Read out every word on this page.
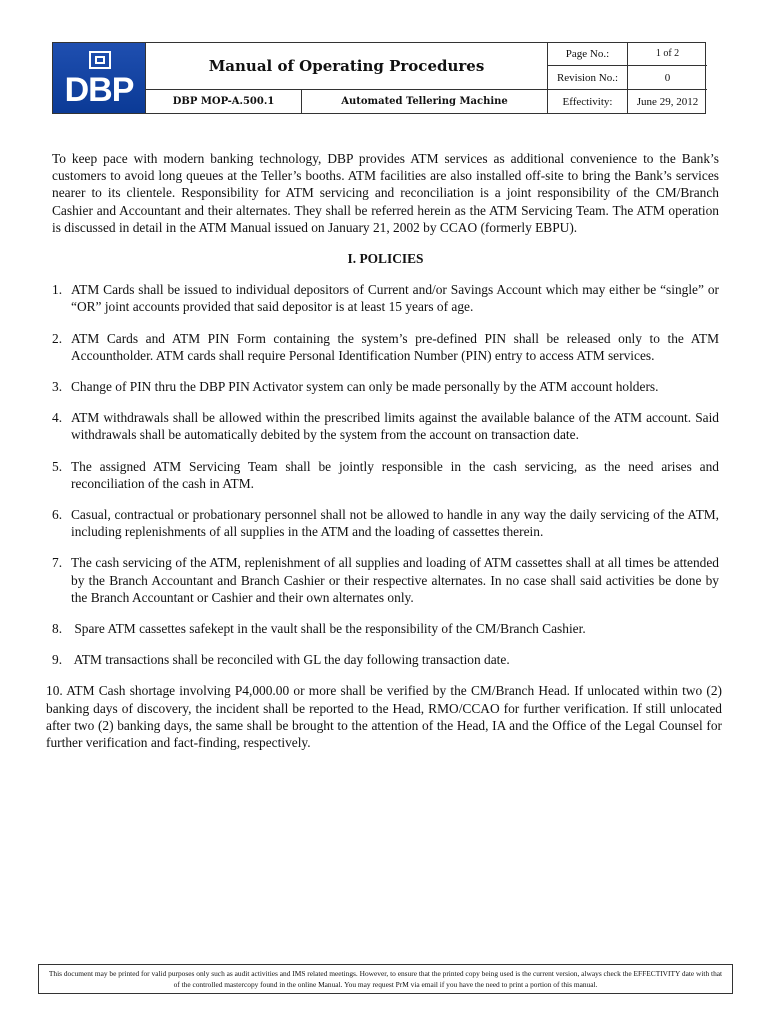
DBP
Manual of Operating Procedures
DBP MOP-A.500.1	Automated Tellering Machine
Page No.:	1 of 2
Revision No.:	0
Effectivity:	June 29, 2012

To keep pace with modern banking technology, DBP provides ATM services as additional convenience to the Bank’s customers to avoid long queues at the Teller’s booths. ATM facilities are also installed off-site to bring the Bank’s services nearer to its clientele. Responsibility for ATM servicing and reconciliation is a joint responsibility of the CM/Branch Cashier and Accountant and their alternates. They shall be referred herein as the ATM Servicing Team. The ATM operation is discussed in detail in the ATM Manual issued on January 21, 2002 by CCAO (formerly EBPU).

I. POLICIES
1. ATM Cards shall be issued to individual depositors of Current and/or Savings Account which may either be “single” or “OR” joint accounts provided that said depositor is at least 15 years of age.
2. ATM Cards and ATM PIN Form containing the system’s pre-defined PIN shall be released only to the ATM Accountholder. ATM cards shall require Personal Identification Number (PIN) entry to access ATM services.
3. Change of PIN thru the DBP PIN Activator system can only be made personally by the ATM account holders.
4. ATM withdrawals shall be allowed within the prescribed limits against the available balance of the ATM account. Said withdrawals shall be automatically debited by the system from the account on transaction date.
5. The assigned ATM Servicing Team shall be jointly responsible in the cash servicing, as the need arises and reconciliation of the cash in ATM.
6. Casual, contractual or probationary personnel shall not be allowed to handle in any way the daily servicing of the ATM, including replenishments of all supplies in the ATM and the loading of cassettes therein.
7. The cash servicing of the ATM, replenishment of all supplies and loading of ATM cassettes shall at all times be attended by the Branch Accountant and Branch Cashier or their respective alternates. In no case shall said activities be done by the Branch Accountant or Cashier and their own alternates only.
8. Spare ATM cassettes safekept in the vault shall be the responsibility of the CM/Branch Cashier.
9. ATM transactions shall be reconciled with GL the day following transaction date.
10. ATM Cash shortage involving P4,000.00 or more shall be verified by the CM/Branch Head. If unlocated within two (2) banking days of discovery, the incident shall be reported to the Head, RMO/CCAO for further verification. If still unlocated after two (2) banking days, the same shall be brought to the attention of the Head, IA and the Office of the Legal Counsel for further verification and fact-finding, respectively.
This document may be printed for valid purposes only such as audit activities and IMS related meetings. However, to ensure that the printed copy being used is the current version, always check the EFFECTIVITY date with that of the controlled mastercopy found in the online Manual. You may request PrM via email if you have the need to print a portion of this manual.
